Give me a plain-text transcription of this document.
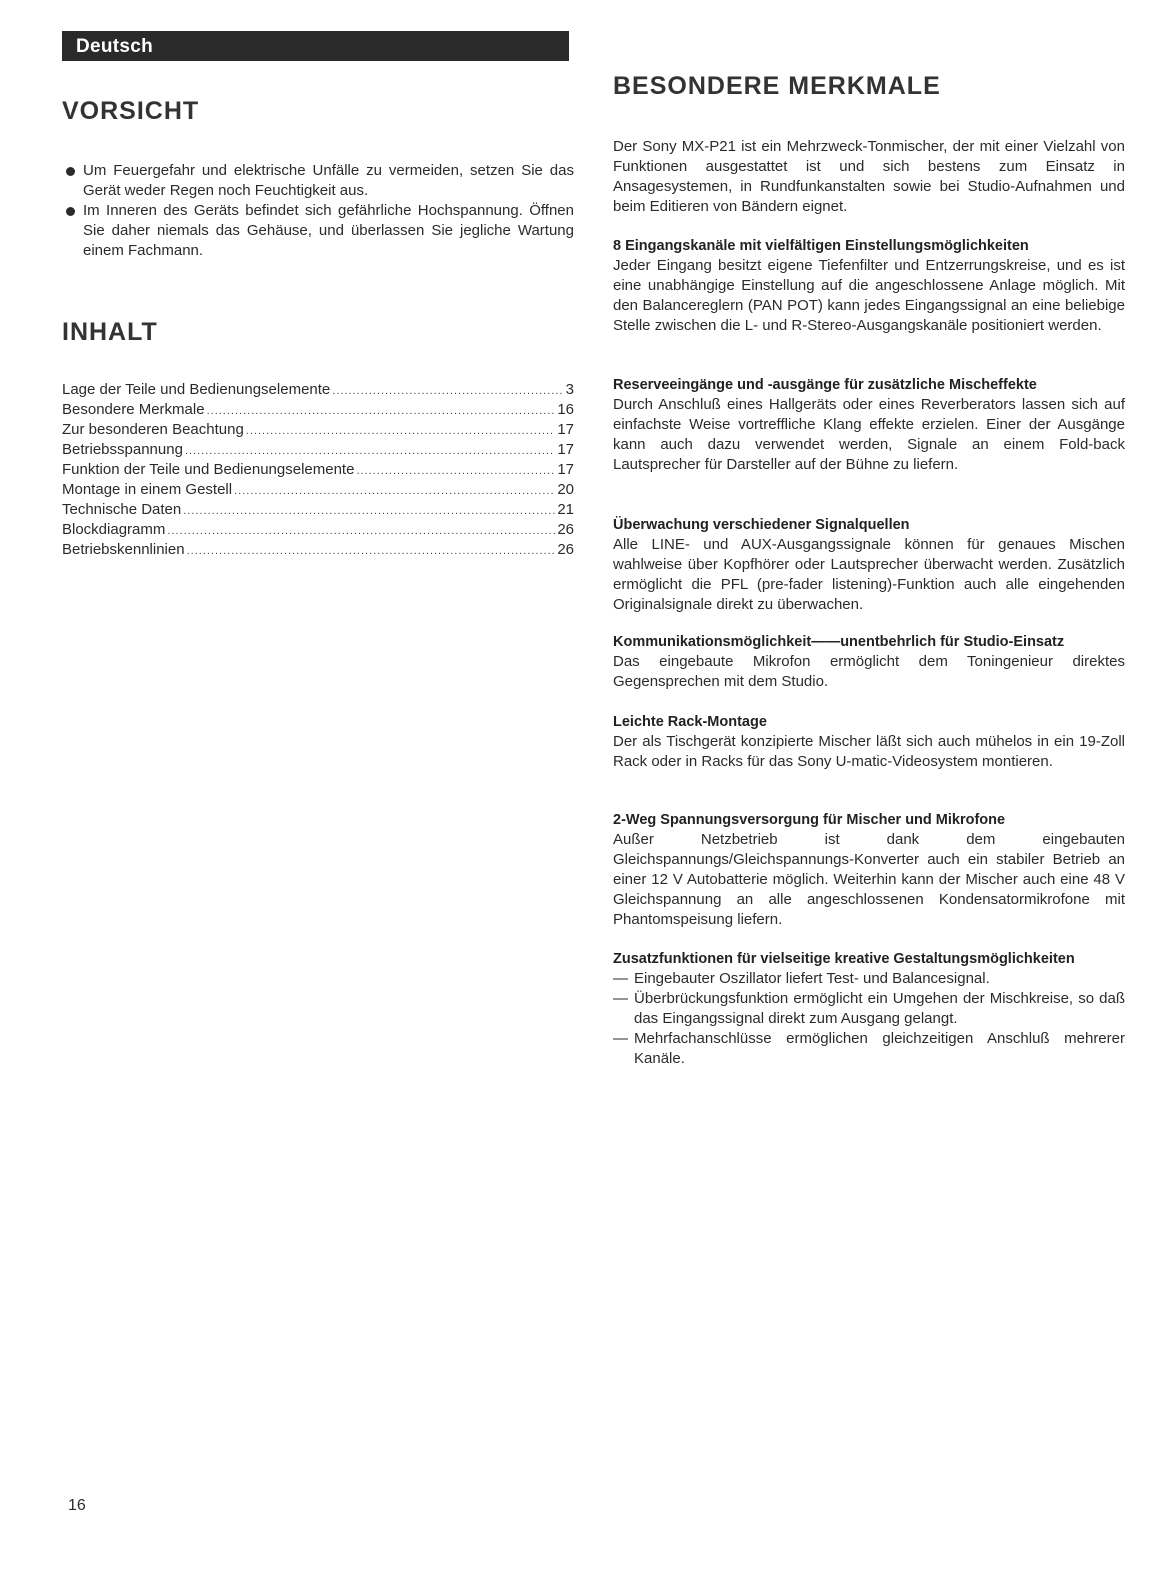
Deutsch
VORSICHT
Um Feuergefahr und elektrische Unfälle zu vermeiden, setzen Sie das Gerät weder Regen noch Feuchtigkeit aus.
Im Inneren des Geräts befindet sich gefährliche Hochspannung. Öffnen Sie daher niemals das Gehäuse, und überlassen Sie jegliche Wartung einem Fachmann.
INHALT
Lage der Teile und Bedienungselemente .....	3
Besondere Merkmale .....	16
Zur besonderen Beachtung .....	17
Betriebsspannung .....	17
Funktion der Teile und Bedienungselemente .....	17
Montage in einem Gestell .....	20
Technische Daten .....	21
Blockdiagramm .....	26
Betriebskennlinien .....	26
BESONDERE MERKMALE

Der Sony MX-P21 ist ein Mehrzweck-Tonmischer, der mit einer Vielzahl von Funktionen ausgestattet ist und sich bestens zum Einsatz in Ansagesystemen, in Rundfunkanstalten sowie bei Studio-Aufnahmen und beim Editieren von Bändern eignet.

8 Eingangskanäle mit vielfältigen Einstellungsmöglichkeiten

Jeder Eingang besitzt eigene Tiefenfilter und Entzerrungskreise, und es ist eine unabhängige Einstellung auf die angeschlossene Anlage möglich. Mit den Balancereglern (PAN POT) kann jedes Eingangssignal an eine beliebige Stelle zwischen die L- und R-Stereo-Ausgangskanäle positioniert werden.

Reserveeingänge und -ausgänge für zusätzliche Mischeffekte

Durch Anschluß eines Hallgeräts oder eines Reverberators lassen sich auf einfachste Weise vortreffliche Klang effekte erzielen. Einer der Ausgänge kann auch dazu verwendet werden, Signale an einem Fold-back Lautsprecher für Darsteller auf der Bühne zu liefern.

Überwachung verschiedener Signalquellen

Alle LINE- und AUX-Ausgangssignale können für genaues Mischen wahlweise über Kopfhörer oder Lautsprecher überwacht werden. Zusätzlich ermöglicht die PFL (pre-fader listening)-Funktion auch alle eingehenden Originalsignale direkt zu überwachen.

Kommunikationsmöglichkeit——unentbehrlich für Studio-Einsatz

Das eingebaute Mikrofon ermöglicht dem Toningenieur direktes Gegensprechen mit dem Studio.

Leichte Rack-Montage

Der als Tischgerät konzipierte Mischer läßt sich auch mühelos in ein 19-Zoll Rack oder in Racks für das Sony U-matic-Videosystem montieren.

2-Weg Spannungsversorgung für Mischer und Mikrofone

Außer Netzbetrieb ist dank dem eingebauten Gleichspannungs/Gleichspannungs-Konverter auch ein stabiler Betrieb an einer 12 V Autobatterie möglich. Weiterhin kann der Mischer auch eine 48 V Gleichspannung an alle angeschlossenen Kondensatormikrofone mit Phantomspeisung liefern.

Zusatzfunktionen für vielseitige kreative Gestaltungsmöglichkeiten
— Eingebauter Oszillator liefert Test- und Balancesignal.
— Überbrückungsfunktion ermöglicht ein Umgehen der Mischkreise, so daß das Eingangssignal direkt zum Ausgang gelangt.
— Mehrfachanschlüsse ermöglichen gleichzeitigen Anschluß mehrerer Kanäle.
16
